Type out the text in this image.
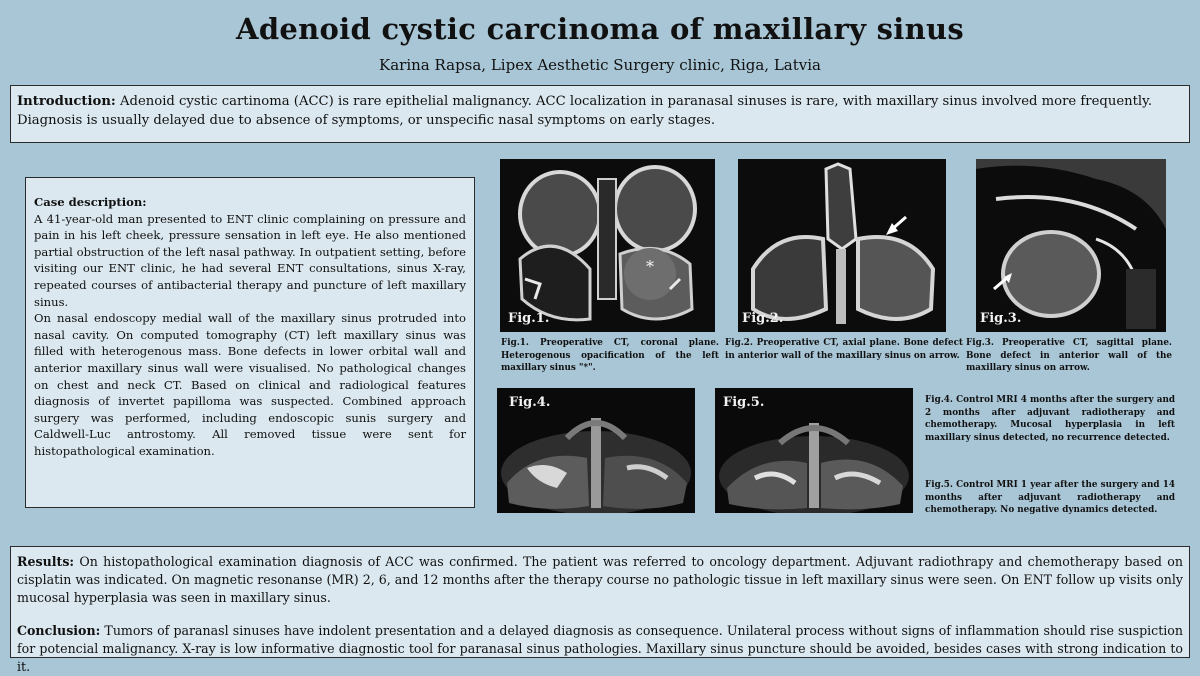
Adenoid cystic carcinoma of maxillary sinus
Karina Rapsa, Lipex Aesthetic Surgery clinic, Riga, Latvia
Introduction: Adenoid cystic cartinoma (ACC) is rare epithelial malignancy. ACC localization in paranasal sinuses is rare, with maxillary sinus involved more frequently. Diagnosis is usually delayed due to absence of symptoms, or unspecific nasal symptoms on early stages.

Case description:

A 41-year-old man presented to ENT clinic complaining on pressure and pain in his left cheek, pressure sensation in left eye. He also mentioned partial obstruction of the left nasal pathway. In outpatient setting, before visiting our ENT clinic, he had several ENT consultations, sinus X-ray, repeated courses of antibacterial therapy and puncture of left maxillary sinus.

On nasal endoscopy medial wall of the maxillary sinus protruded into nasal cavity. On computed tomography (CT) left maxillary sinus was filled with heterogenous mass. Bone defects in lower orbital wall and anterior maxillary sinus wall were visualised. No pathological changes on chest and neck CT. Based on clinical and radiological features diagnosis of invertet papilloma was suspected. Combined approach surgery was performed, including endoscopic sunis surgery and Caldwell-Luc antrostomy. All removed tissue were sent for histopathological examination.

*
Fig.1.	Fig.2.	Fig.3.
Fig.1. Preoperative CT, coronal plane. Heterogenous opacification of the left maxillary sinus "*".
Fig.2. Preoperative CT, axial plane. Bone defect in anterior wall of the maxillary sinus on arrow.
Fig.3. Preoperative CT, sagittal plane. Bone defect in anterior wall of the maxillary sinus on arrow.
Fig.4.	Fig.5.	Fig.4. Control MRI 4 months after the surgery and 2 months after adjuvant radiotherapy and chemotherapy. Mucosal hyperplasia in left maxillary sinus detected, no recurrence detected.
Fig.5. Control MRI 1 year after the surgery and 14 months after adjuvant radiotherapy and chemotherapy. No negative dynamics detected.

Results: On histopathological examination diagnosis of ACC was confirmed. The patient was referred to oncology department. Adjuvant radiothrapy and chemotherapy based on cisplatin was indicated. On magnetic resonanse (MR) 2, 6, and 12 months after the therapy course no pathologic tissue in left maxillary sinus were seen. On ENT follow up visits only mucosal hyperplasia was seen in maxillary sinus.

Conclusion: Tumors of paranasl sinuses have indolent presentation and a delayed diagnosis as consequence. Unilateral process without signs of inflammation should rise suspiction for potencial malignancy. X-ray is low informative diagnostic tool for paranasal sinus pathologies. Maxillary sinus puncture should be avoided, besides cases with strong indication to it.
